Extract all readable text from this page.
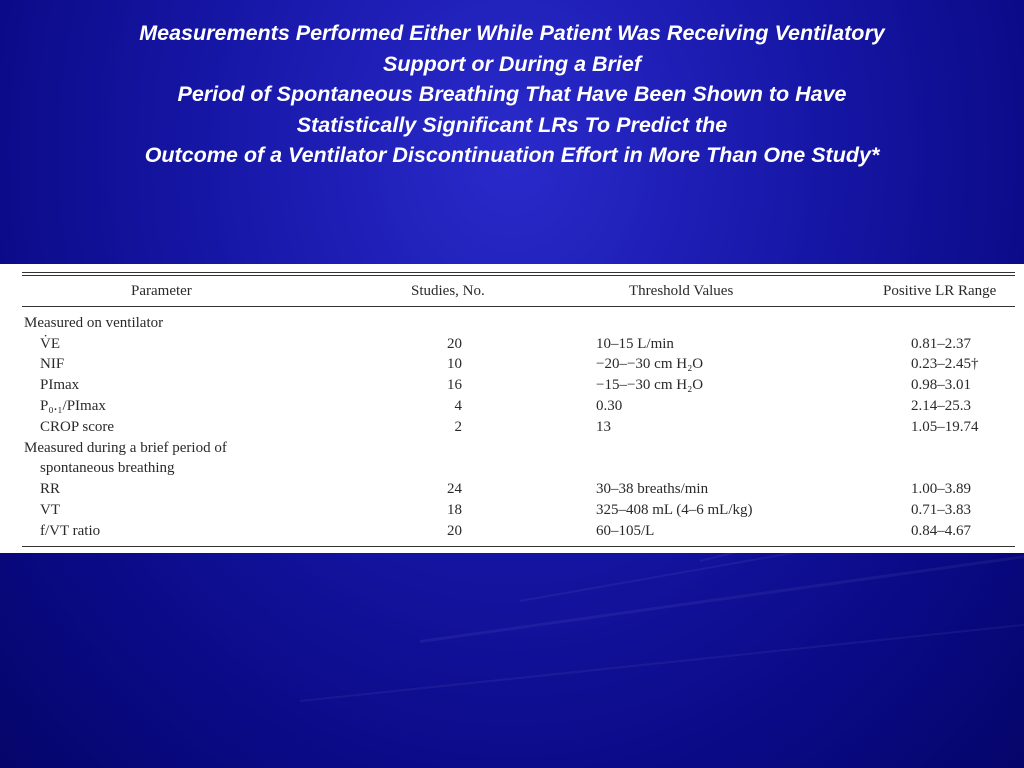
Measurements Performed Either While Patient Was Receiving Ventilatory
Support or During a Brief
Period of Spontaneous Breathing That Have Been Shown to Have
Statistically Significant LRs To Predict the
Outcome of a Ventilator Discontinuation Effort in More Than One Study*
Parameter	Studies, No.	Threshold Values	Positive LR Range
Measured on ventilator
V̇E	20	10–15 L/min	0.81–2.37
NIF	10	−20–−30 cm H₂O	0.23–2.45†
PImax	16	−15–−30 cm H₂O	0.98–3.01
P₀.₁/PImax	4	0.30	2.14–25.3
CROP score	2	13	1.05–19.74
Measured during a brief period of
spontaneous breathing
RR	24	30–38 breaths/min	1.00–3.89
VT	18	325–408 mL (4–6 mL/kg)	0.71–3.83
f/VT ratio	20	60–105/L	0.84–4.67
